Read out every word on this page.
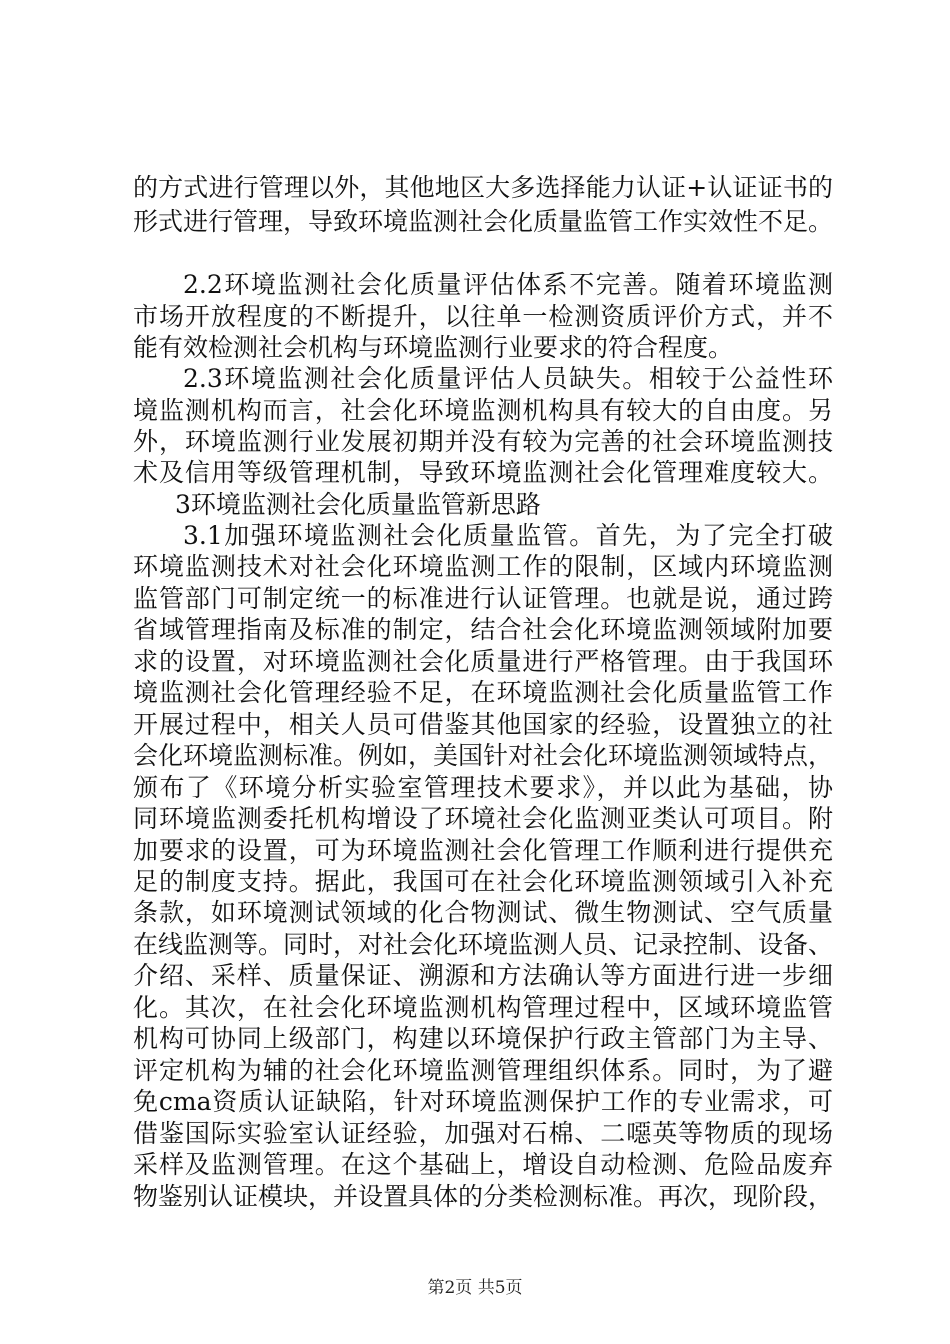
的方式进行管理以外，其他地区大多选择能力认证+认证证书的
形式进行管理，导致环境监测社会化质量监管工作实效性不足。
2.2环境监测社会化质量评估体系不完善。随着环境监测
市场开放程度的不断提升，以往单一检测资质评价方式，并不
能有效检测社会机构与环境监测行业要求的符合程度。
2.3环境监测社会化质量评估人员缺失。相较于公益性环
境监测机构而言，社会化环境监测机构具有较大的自由度。另
外，环境监测行业发展初期并没有较为完善的社会环境监测技
术及信用等级管理机制，导致环境监测社会化管理难度较大。
3环境监测社会化质量监管新思路
3.1加强环境监测社会化质量监管。首先，为了完全打破
环境监测技术对社会化环境监测工作的限制，区域内环境监测
监管部门可制定统一的标准进行认证管理。也就是说，通过跨
省域管理指南及标准的制定，结合社会化环境监测领域附加要
求的设置，对环境监测社会化质量进行严格管理。由于我国环
境监测社会化管理经验不足，在环境监测社会化质量监管工作
开展过程中，相关人员可借鉴其他国家的经验，设置独立的社
会化环境监测标准。例如，美国针对社会化环境监测领域特点，
颁布了《环境分析实验室管理技术要求》，并以此为基础，协
同环境监测委托机构增设了环境社会化监测亚类认可项目。附
加要求的设置，可为环境监测社会化管理工作顺利进行提供充
足的制度支持。据此，我国可在社会化环境监测领域引入补充
条款，如环境测试领域的化合物测试、微生物测试、空气质量
在线监测等。同时，对社会化环境监测人员、记录控制、设备、
介绍、采样、质量保证、溯源和方法确认等方面进行进一步细
化。其次，在社会化环境监测机构管理过程中，区域环境监管
机构可协同上级部门，构建以环境保护行政主管部门为主导、
评定机构为辅的社会化环境监测管理组织体系。同时，为了避
免cma资质认证缺陷，针对环境监测保护工作的专业需求，可
借鉴国际实验室认证经验，加强对石棉、二噁英等物质的现场
采样及监测管理。在这个基础上，增设自动检测、危险品废弃
物鉴别认证模块，并设置具体的分类检测标准。再次，现阶段，
第2页 共5页
